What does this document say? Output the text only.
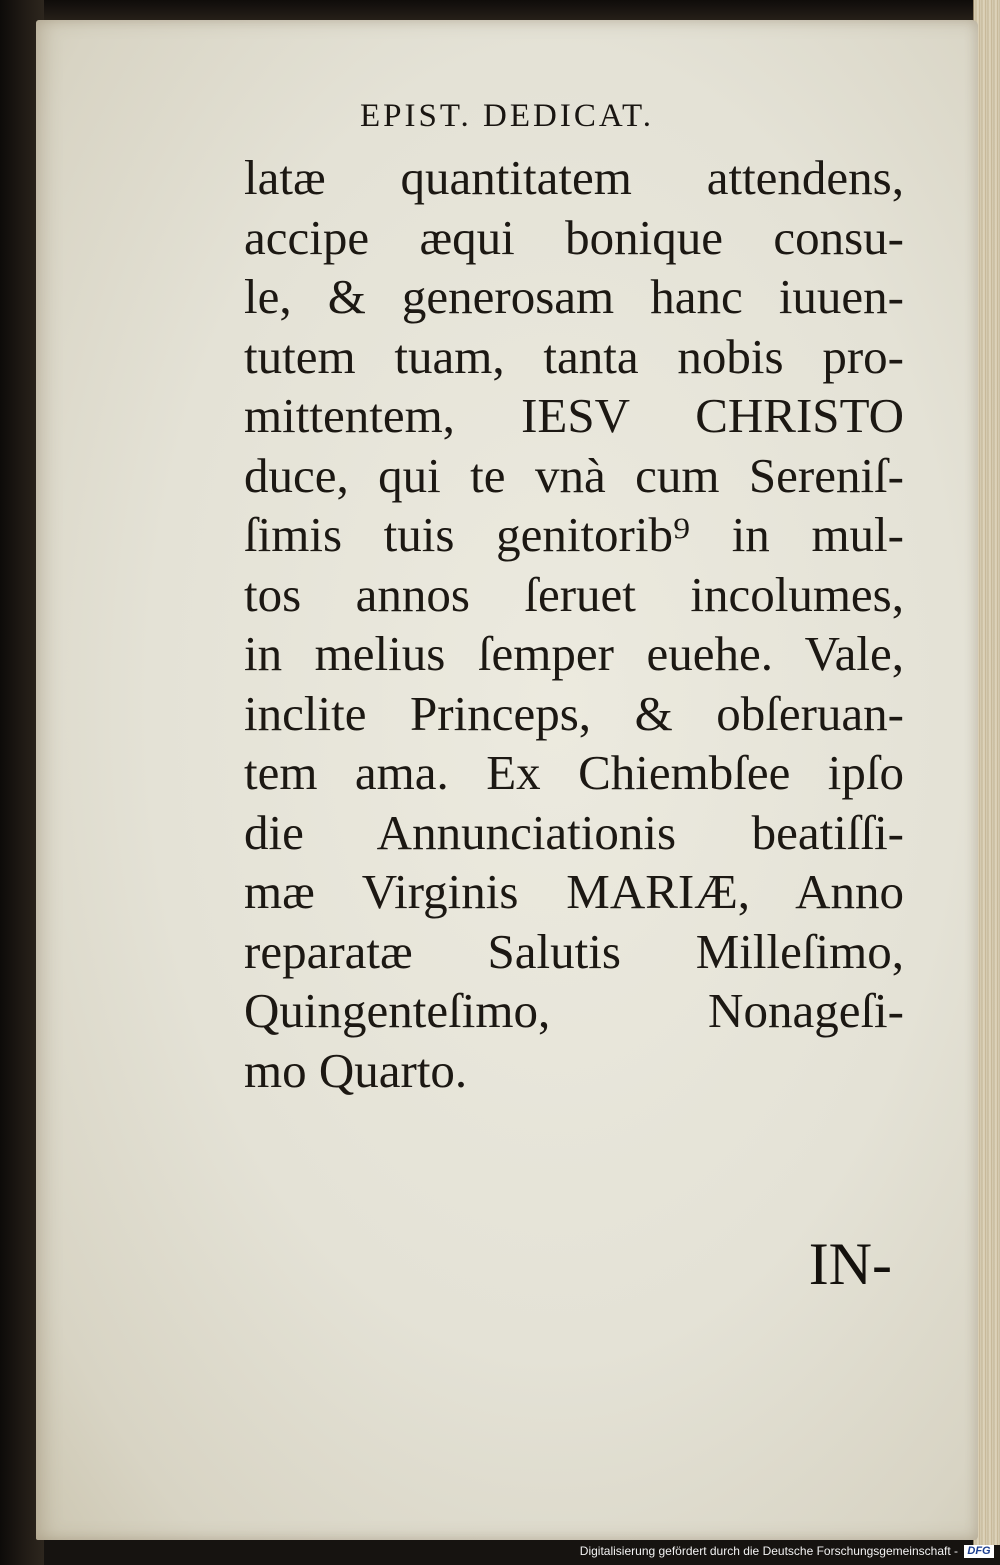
EPIST. DEDICAT.
latæ quantitatem attendens,
accipe æqui bonique consu-
le, & generosam hanc iuuen-
tutem tuam, tanta nobis pro-
mittentem, IESV CHRISTO
duce, qui te vnà cum Sereniſ-
ſimis tuis genitorib⁹ in mul-
tos annos ſeruet incolumes,
in melius ſemper euehe. Vale,
inclite Princeps, & obſeruan-
tem ama. Ex Chiembſee ipſo
die Annunciationis beatiſſi-
mæ Virginis MARIÆ, Anno
reparatæ Salutis Milleſimo,
Quingenteſimo, Nonageſi-
mo Quarto.
IN-
Digitalisierung gefördert durch die Deutsche Forschungsgemeinschaft - DFG
